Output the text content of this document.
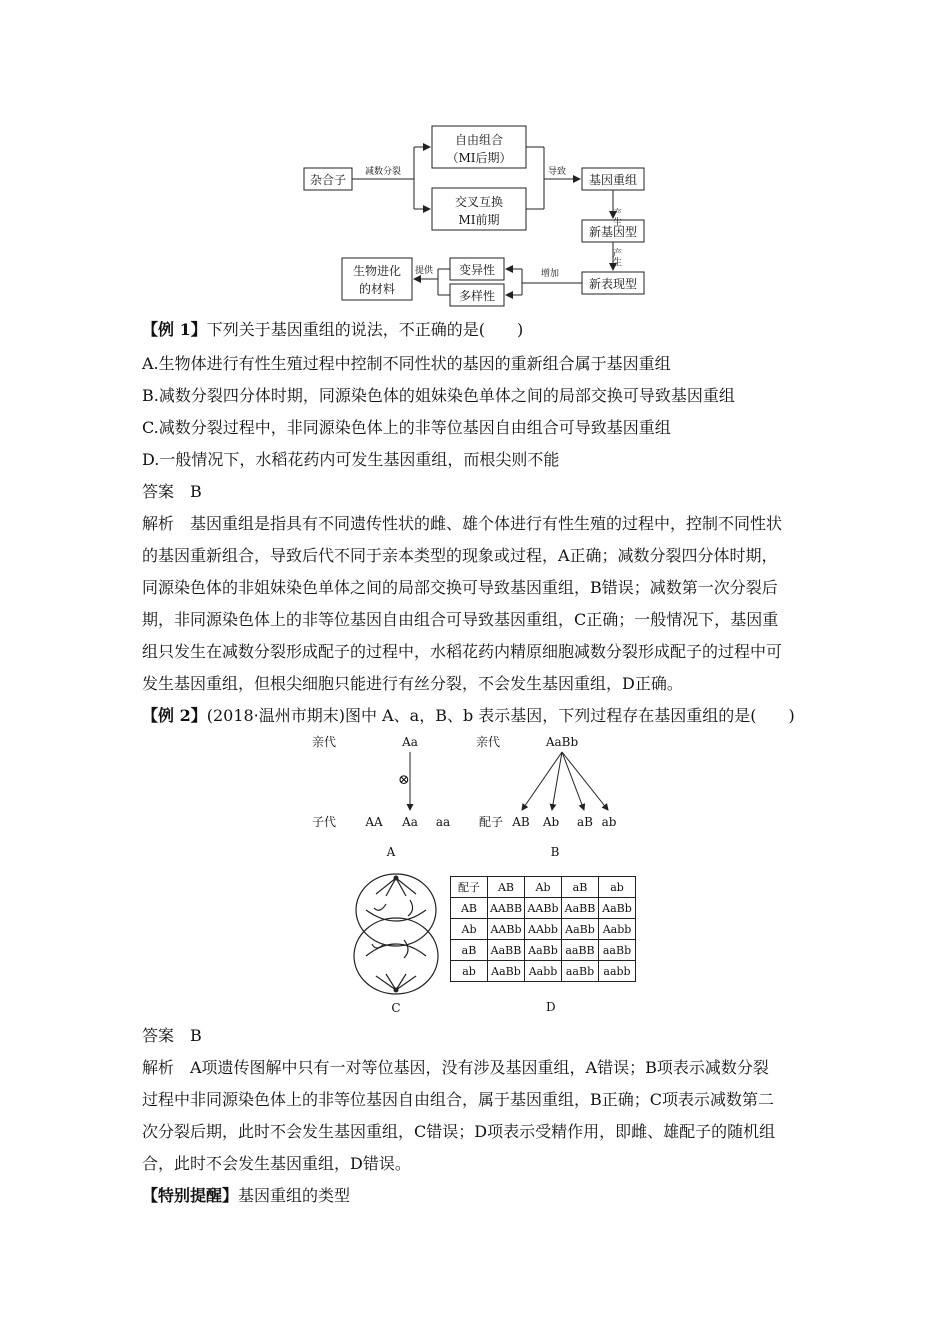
杂合子
减数分裂
自由组合
（MⅠ后期）
交叉互换
MⅠ前期
导致
基因重组
产生
新基因型
产生
新表现型
增加
变异性
多样性
提供
生物进化
的材料
【例 1】下列关于基因重组的说法，不正确的是(　　)
A.生物体进行有性生殖过程中控制不同性状的基因的重新组合属于基因重组
B.减数分裂四分体时期，同源染色体的姐妹染色单体之间的局部交换可导致基因重组
C.减数分裂过程中，非同源染色体上的非等位基因自由组合可导致基因重组
D.一般情况下，水稻花药内可发生基因重组，而根尖则不能
答案　B
解析　基因重组是指具有不同遗传性状的雌、雄个体进行有性生殖的过程中，控制不同性状
的基因重新组合，导致后代不同于亲本类型的现象或过程，A正确；减数分裂四分体时期，
同源染色体的非姐妹染色单体之间的局部交换可导致基因重组，B错误；减数第一次分裂后
期，非同源染色体上的非等位基因自由组合可导致基因重组，C正确；一般情况下，基因重
组只发生在减数分裂形成配子的过程中，水稻花药内精原细胞减数分裂形成配子的过程中可
发生基因重组，但根尖细胞只能进行有丝分裂，不会发生基因重组，D正确。
【例 2】(2018·温州市期末)图中 A、a，B、b 表示基因，下列过程存在基因重组的是(　　)
亲代	Aa
⊗
子代 AA Aa aa
A
亲代	AaBb
配子 AB Ab aB ab
B
C
配子	AB	Ab	aB	ab
AB	AABB	AABb	AaBB	AaBb
Ab	AABb	AAbb	AaBb	Aabb
aB	AaBB	AaBb	aaBB	aaBb
ab	AaBb	Aabb	aaBb	aabb
D
答案　B
解析　A项遗传图解中只有一对等位基因，没有涉及基因重组，A错误；B项表示减数分裂
过程中非同源染色体上的非等位基因自由组合，属于基因重组，B正确；C项表示减数第二
次分裂后期，此时不会发生基因重组，C错误；D项表示受精作用，即雌、雄配子的随机组
合，此时不会发生基因重组，D错误。
【特别提醒】基因重组的类型
